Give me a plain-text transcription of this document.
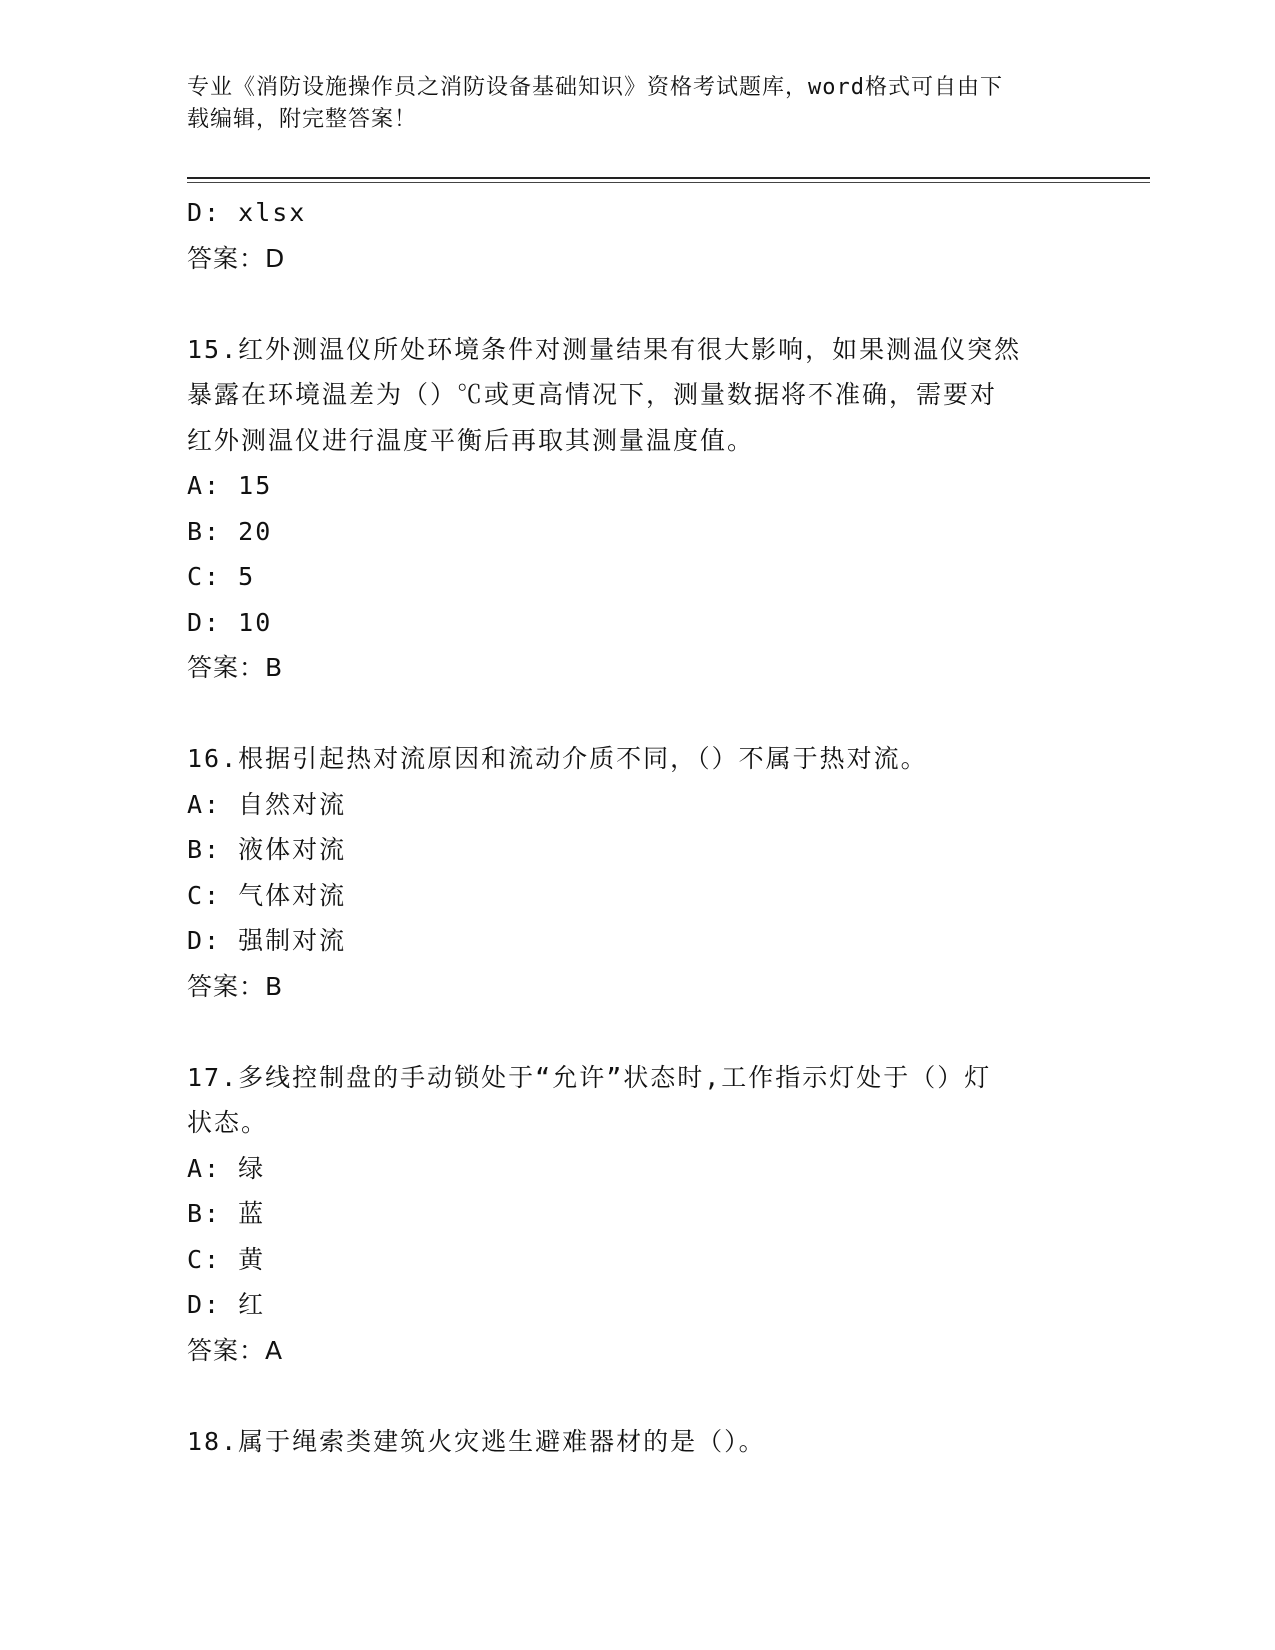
专业《消防设施操作员之消防设备基础知识》资格考试题库，word格式可自由下
载编辑，附完整答案！
D: xlsx
答案：D
15.红外测温仪所处环境条件对测量结果有很大影响，如果测温仪突然
暴露在环境温差为（）℃或更高情况下，测量数据将不准确，需要对
红外测温仪进行温度平衡后再取其测量温度值。
A: 15
B: 20
C: 5
D: 10
答案：B
16.根据引起热对流原因和流动介质不同，（）不属于热对流。
A: 自然对流
B: 液体对流
C: 气体对流
D: 强制对流
答案：B
17.多线控制盘的手动锁处于“允许”状态时,工作指示灯处于（）灯
状态。
A: 绿
B: 蓝
C: 黄
D: 红
答案：A
18.属于绳索类建筑火灾逃生避难器材的是（）。
